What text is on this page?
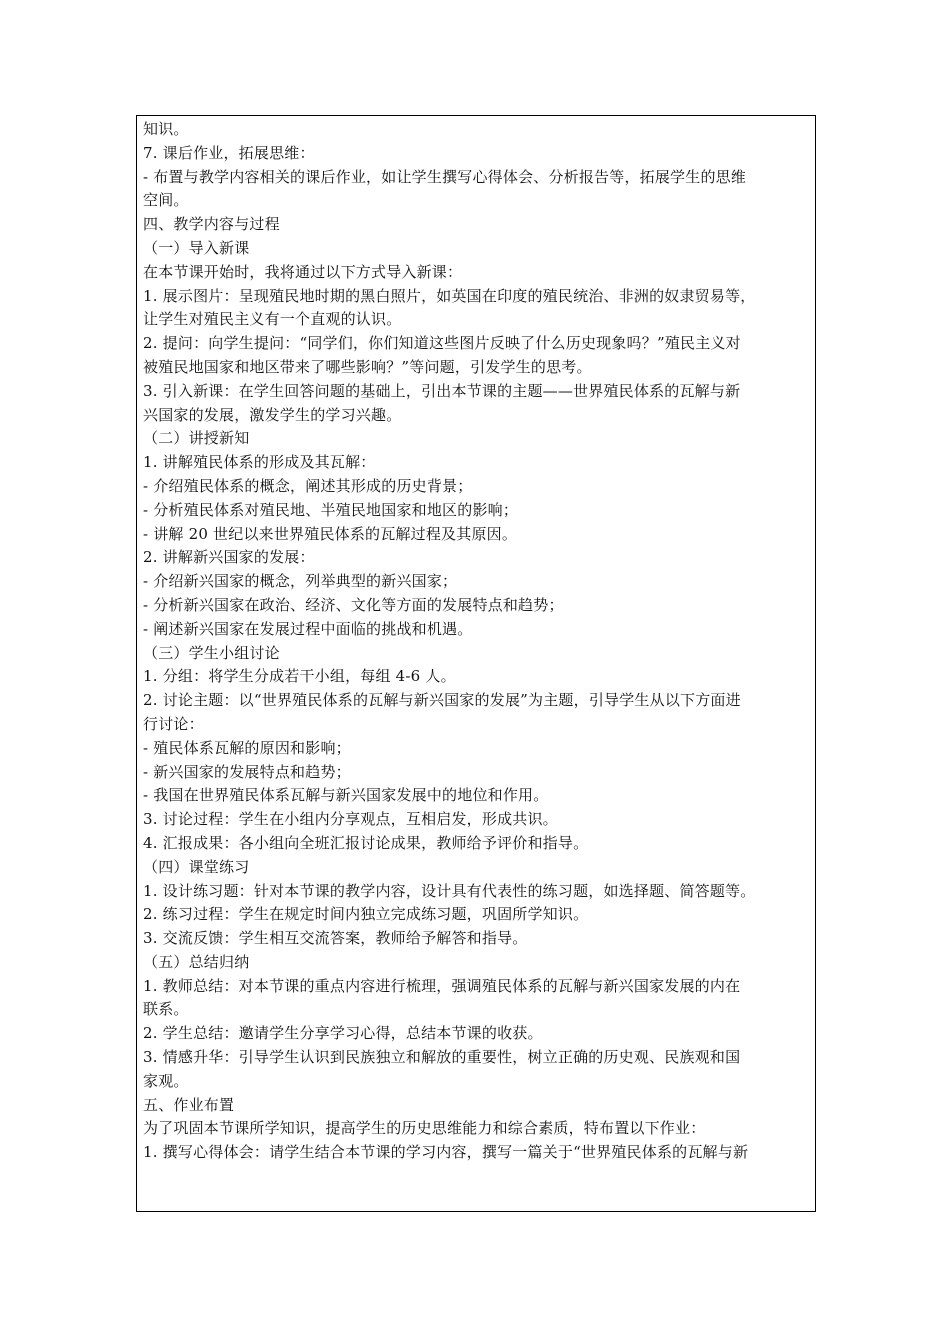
知识。
7. 课后作业，拓展思维：
- 布置与教学内容相关的课后作业，如让学生撰写心得体会、分析报告等，拓展学生的思维
空间。
四、教学内容与过程
（一）导入新课
在本节课开始时，我将通过以下方式导入新课：
1. 展示图片：呈现殖民地时期的黑白照片，如英国在印度的殖民统治、非洲的奴隶贸易等，
让学生对殖民主义有一个直观的认识。
2. 提问：向学生提问：“同学们，你们知道这些图片反映了什么历史现象吗？”殖民主义对
被殖民地国家和地区带来了哪些影响？”等问题，引发学生的思考。
3. 引入新课：在学生回答问题的基础上，引出本节课的主题——世界殖民体系的瓦解与新
兴国家的发展，激发学生的学习兴趣。
（二）讲授新知
1. 讲解殖民体系的形成及其瓦解：
- 介绍殖民体系的概念，阐述其形成的历史背景；
- 分析殖民体系对殖民地、半殖民地国家和地区的影响；
- 讲解 20 世纪以来世界殖民体系的瓦解过程及其原因。
2. 讲解新兴国家的发展：
- 介绍新兴国家的概念，列举典型的新兴国家；
- 分析新兴国家在政治、经济、文化等方面的发展特点和趋势；
- 阐述新兴国家在发展过程中面临的挑战和机遇。
（三）学生小组讨论
1. 分组：将学生分成若干小组，每组 4-6 人。
2. 讨论主题：以“世界殖民体系的瓦解与新兴国家的发展”为主题，引导学生从以下方面进
行讨论：
- 殖民体系瓦解的原因和影响；
- 新兴国家的发展特点和趋势；
- 我国在世界殖民体系瓦解与新兴国家发展中的地位和作用。
3. 讨论过程：学生在小组内分享观点，互相启发，形成共识。
4. 汇报成果：各小组向全班汇报讨论成果，教师给予评价和指导。
（四）课堂练习
1. 设计练习题：针对本节课的教学内容，设计具有代表性的练习题，如选择题、简答题等。
2. 练习过程：学生在规定时间内独立完成练习题，巩固所学知识。
3. 交流反馈：学生相互交流答案，教师给予解答和指导。
（五）总结归纳
1. 教师总结：对本节课的重点内容进行梳理，强调殖民体系的瓦解与新兴国家发展的内在
联系。
2. 学生总结：邀请学生分享学习心得，总结本节课的收获。
3. 情感升华：引导学生认识到民族独立和解放的重要性，树立正确的历史观、民族观和国
家观。
五、作业布置
为了巩固本节课所学知识，提高学生的历史思维能力和综合素质，特布置以下作业：
1. 撰写心得体会：请学生结合本节课的学习内容，撰写一篇关于“世界殖民体系的瓦解与新
